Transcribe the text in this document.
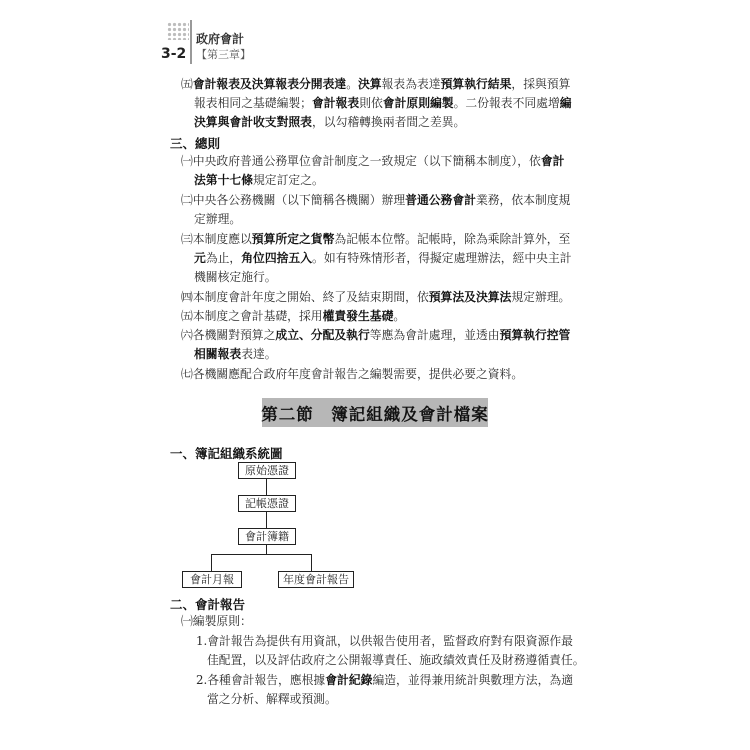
3-2
政府會計
【第三章】
㈤會計報表及決算報表分開表達。決算報表為表達預算執行結果，採與預算
報表相同之基礎編製；會計報表則依會計原則編製。二份報表不同處增編
決算與會計收支對照表，以勾稽轉換兩者間之差異。
三、總則
㈠中央政府普通公務單位會計制度之一致規定（以下簡稱本制度），依會計
法第十七條規定訂定之。
㈡中央各公務機關（以下簡稱各機關）辦理普通公務會計業務，依本制度規
定辦理。
㈢本制度應以預算所定之貨幣為記帳本位幣。記帳時，除為乘除計算外，至
元為止，角位四捨五入。如有特殊情形者，得擬定處理辦法，經中央主計
機關核定施行。
㈣本制度會計年度之開始、終了及結束期間，依預算法及決算法規定辦理。
㈤本制度之會計基礎，採用權責發生基礎。
㈥各機關對預算之成立、分配及執行等應為會計處理，並透由預算執行控管
相關報表表達。
㈦各機關應配合政府年度會計報告之編製需要，提供必要之資料。
第二節　簿記組織及會計檔案
一、簿記組織系統圖
原始憑證
記帳憑證
會計簿籍
會計月報	年度會計報告
二、會計報告
㈠編製原則：
1.會計報告為提供有用資訊，以供報告使用者，監督政府對有限資源作最
佳配置，以及評估政府之公開報導責任、施政績效責任及財務遵循責任。
2.各種會計報告，應根據會計紀錄編造，並得兼用統計與數理方法，為適
當之分析、解釋或預測。
